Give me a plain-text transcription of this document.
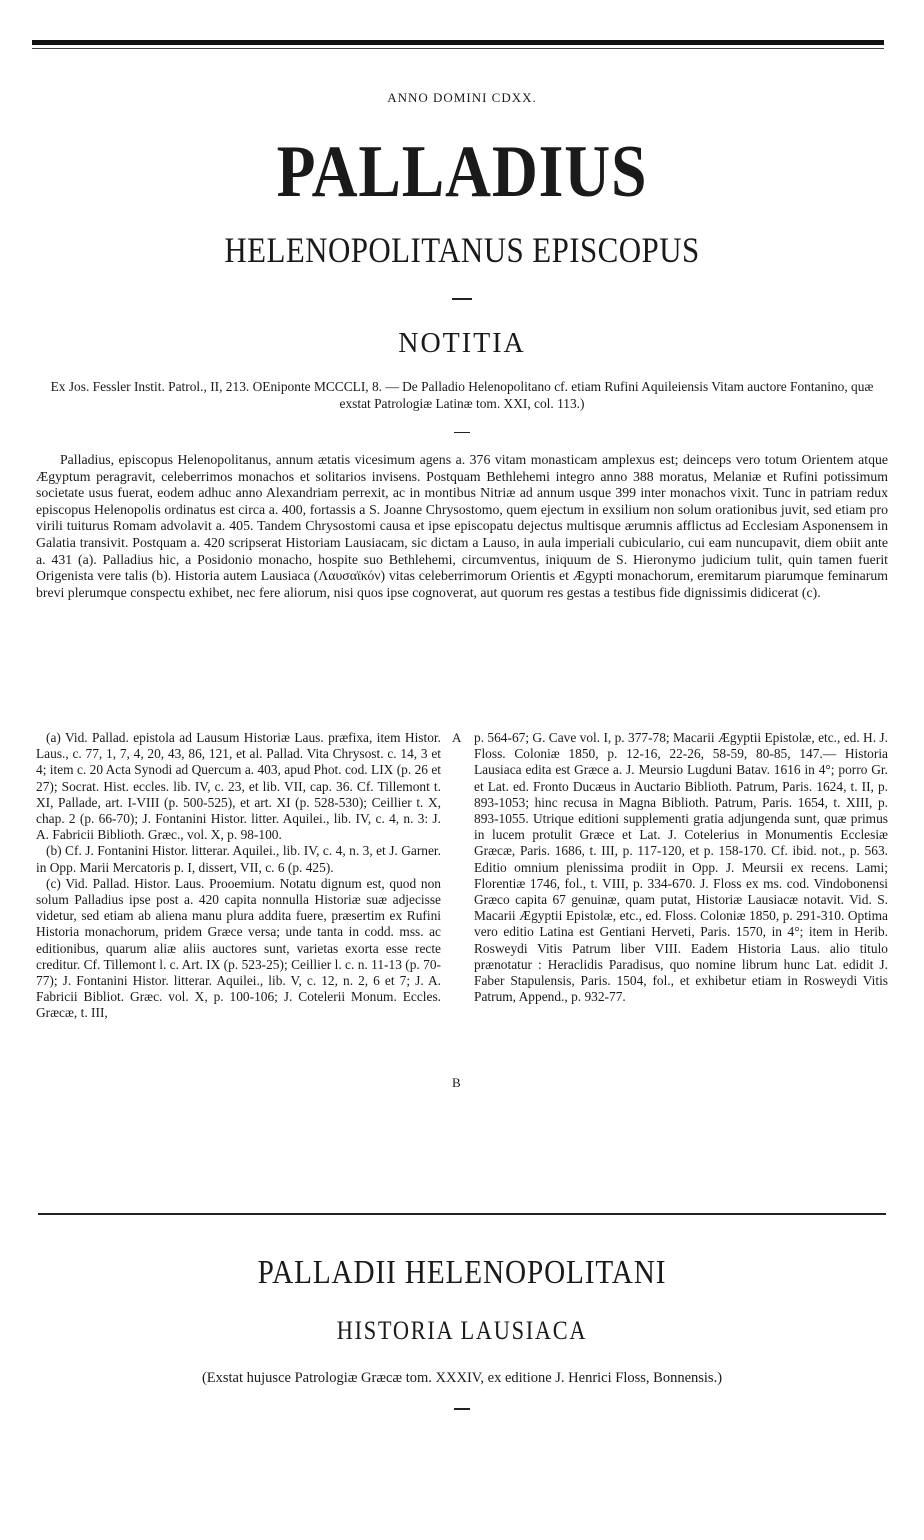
ANNO DOMINI CDXX.
PALLADIUS
HELENOPOLITANUS EPISCOPUS
NOTITIA
Ex Jos. Fessler Instit. Patrol., II, 213. OEniponte MCCCLI, 8. — De Palladio Helenopolitano cf. etiam Rufini Aquileiensis Vitam auctore Fontanino, quæ exstat Patrologiæ Latinæ tom. XXI, col. 113.)

Palladius, episcopus Helenopolitanus, annum ætatis vicesimum agens a. 376 vitam monasticam amplexus est; deinceps vero totum Orientem atque Ægyptum peragravit, celeberrimos monachos et solitarios invisens. Postquam Bethlehemi integro anno 388 moratus, Melaniæ et Rufini potissimum societate usus fuerat, eodem adhuc anno Alexandriam perrexit, ac in montibus Nitriæ ad annum usque 399 inter monachos vixit. Tunc in patriam redux episcopus Helenopolis ordinatus est circa a. 400, fortassis a S. Joanne Chrysostomo, quem ejectum in exsilium non solum orationibus juvit, sed etiam pro virili tuiturus Romam advolavit a. 405. Tandem Chrysostomi causa et ipse episcopatu dejectus multisque ærumnis afflictus ad Ecclesiam Asponensem in Galatia transivit. Postquam a. 420 scripserat Historiam Lausiacam, sic dictam a Lauso, in aula imperiali cubiculario, cui eam nuncupavit, diem obiit ante a. 431 (a). Palladius hic, a Posidonio monacho, hospite suo Bethlehemi, circumventus, iniquum de S. Hieronymo judicium tulit, quin tamen fuerit Origenista vere talis (b). Historia autem Lausiaca (Λαυσαϊκόν) vitas celeberrimorum Orientis et Ægypti monachorum, eremitarum piarumque feminarum brevi plerumque conspectu exhibet, nec fere aliorum, nisi quos ipse cognoverat, aut quorum res gestas a testibus fide dignissimis didicerat (c).

(a) Vid. Pallad. epistola ad Lausum Historiæ Laus. præfixa, item Histor. Laus., c. 77, 1, 7, 4, 20, 43, 86, 121, et al. Pallad. Vita Chrysost. c. 14, 3 et 4; item c. 20 Acta Synodi ad Quercum a. 403, apud Phot. cod. LIX (p. 26 et 27); Socrat. Hist. eccles. lib. IV, c. 23, et lib. VII, cap. 36. Cf. Tillemont t. XI, Pallade, art. I-VIII (p. 500-525), et art. XI (p. 528-530); Ceillier t. X, chap. 2 (p. 66-70); J. Fontanini Histor. litter. Aquilei., lib. IV, c. 4, n. 3: J. A. Fabricii Biblioth. Græc., vol. X, p. 98-100.

(b) Cf. J. Fontanini Histor. litterar. Aquilei., lib. IV, c. 4, n. 3, et J. Garner. in Opp. Marii Mercatoris p. I, dissert, VII, c. 6 (p. 425).

(c) Vid. Pallad. Histor. Laus. Prooemium. Notatu dignum est, quod non solum Palladius ipse post a. 420 capita nonnulla Historiæ suæ adjecisse videtur, sed etiam ab aliena manu plura addita fuere, præsertim ex Rufini Historia monachorum, pridem Græce versa; unde tanta in codd. mss. ac editionibus, quarum aliæ aliis auctores sunt, varietas exorta esse recte creditur. Cf. Tillemont l. c. Art. IX (p. 523-25); Ceillier l. c. n. 11-13 (p. 70-77); J. Fontanini Histor. litterar. Aquilei., lib. V, c. 12, n. 2, 6 et 7; J. A. Fabricii Bibliot. Græc. vol. X, p. 100-106; J. Cotelerii Monum. Eccles. Græcæ, t. III,

A
B

p. 564-67; G. Cave vol. I, p. 377-78; Macarii Ægyptii Epistolæ, etc., ed. H. J. Floss. Coloniæ 1850, p. 12-16, 22-26, 58-59, 80-85, 147.— Historia Lausiaca edita est Græce a. J. Meursio Lugduni Batav. 1616 in 4°; porro Gr. et Lat. ed. Fronto Ducæus in Auctario Biblioth. Patrum, Paris. 1624, t. II, p. 893-1053; hinc recusa in Magna Biblioth. Patrum, Paris. 1654, t. XIII, p. 893-1055. Utrique editioni supplementi gratia adjungenda sunt, quæ primus in lucem protulit Græce et Lat. J. Cotelerius in Monumentis Ecclesiæ Græcæ, Paris. 1686, t. III, p. 117-120, et p. 158-170. Cf. ibid. not., p. 563. Editio omnium plenissima prodiit in Opp. J. Meursii ex recens. Lami; Florentiæ 1746, fol., t. VIII, p. 334-670. J. Floss ex ms. cod. Vindobonensi Græco capita 67 genuinæ, quam putat, Historiæ Lausiacæ notavit. Vid. S. Macarii Ægyptii Epistolæ, etc., ed. Floss. Coloniæ 1850, p. 291-310. Optima vero editio Latina est Gentiani Herveti, Paris. 1570, in 4°; item in Herib. Rosweydi Vitis Patrum liber VIII. Eadem Historia Laus. alio titulo prænotatur : Heraclidis Paradisus, quo nomine librum hunc Lat. edidit J. Faber Stapulensis, Paris. 1504, fol., et exhibetur etiam in Rosweydi Vitis Patrum, Append., p. 932-77.

PALLADII HELENOPOLITANI
HISTORIA LAUSIACA
(Exstat hujusce Patrologiæ Græcæ tom. XXXIV, ex editione J. Henrici Floss, Bonnensis.)
